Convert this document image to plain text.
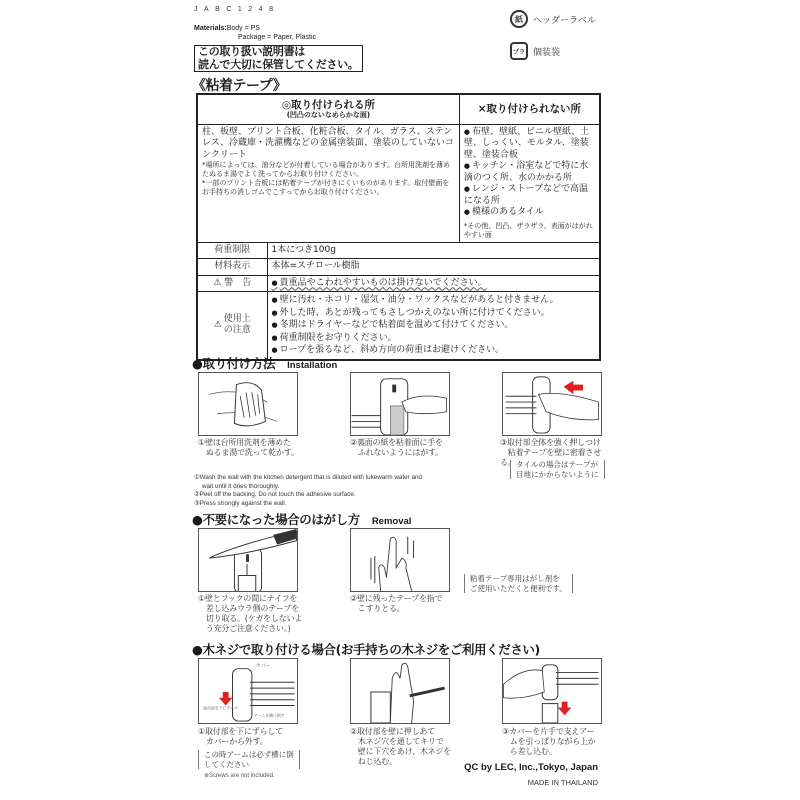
JABC1248
Materials:Body = PS
Package = Paper, Plastic
この取り扱い説明書は
読んで大切に保管してください。
紙	ヘッダーラベル
プラ 個装袋
《粘着テープ》
◎取り付けられる所
(凹凸のないなめらかな面)		×取り付けられない所

柱、板壁、プリント合板、化粧合板、タイル、ガラス、ステンレス、冷蔵庫・洗濯機などの金属塗装面、塗装のしていないコンクリート
*場所によっては、油分などが付着している場合があります。台所用洗剤を薄めたぬるま湯でよく洗ってからお取り付けください。
*一部のプリント合板には粘着テープが付きにくいものがあります。取付壁面をお手持ちの消しゴムでこすってからお取り付けください。

● 布壁、壁紙、ビニル壁紙、土壁、しっくい、モルタル、塗装壁、塗装合板
● キッチン・浴室などで特に水滴のつく所、水のかかる所
● レンジ・ストーブなどで高温になる所
● 模様のあるタイル
*その他、凹凸、ザラザラ、表面がはがれやすい面

荷重制限	1本につき100g	
材料表示	本体=スチロール樹脂	
⚠ 警　告	● 貴重品やこわれやすいものは掛けないでください。

⚠
使用上
の注意

● 壁に汚れ・ホコリ・湿気・油分・ワックスなどがあると付きません。
● 外した時、あとが残ってもさしつかえのない所に付けてください。
● 冬期はドライヤーなどで粘着面を温めて付けてください。
● 荷重制限をお守りください。
● ロープを張るなど、斜め方向の荷重はお避けください。
●取り付け方法 Installation
①壁は台所用洗剤を薄めた
　ぬるま湯で洗って乾かす。
②裏面の紙を粘着面に手を
　ふれないようにはがす。
③取付部全体を強く押しつけ
　粘着テープを壁に密着させる。 タイルの場合はテープが
目地にかからないように
①Wash the wall with the kitchen detergent that is diluted with lukewarm water and
wait until it dries thoroughly.
②Peel off the backing. Do not touch the adhesive surface.
③Press strongly against the wall.
●不要になった場合のはがし方 Removal
①壁とフックの間にナイフを
　差し込みウラ側のテープを
　切り取る。(ケガをしないよ
　う充分ご注意ください。)
②壁に残ったテープを指で
　こすりとる。
粘着テープ専用はがし剤を
ご使用いただくと便利です。
●木ネジで取り付ける場合(お手持ちの木ネジをご利用ください)
カバー
取付部を下にずらす
アームを横に倒す
①取付部を下にずらして
　カバーから外す。
この時アームは必ず横に倒
してください
※Screws are not included.
②取付部を壁に押しあて
　木ネジ穴を通してキリで
　壁に下穴をあけ、木ネジを
　ねじ込む。
③カバーを片手で支えアー
　ムを引っぱりながら上か
　ら差し込む。
QC by LEC, Inc.,Tokyo, Japan
MADE IN THAILAND
